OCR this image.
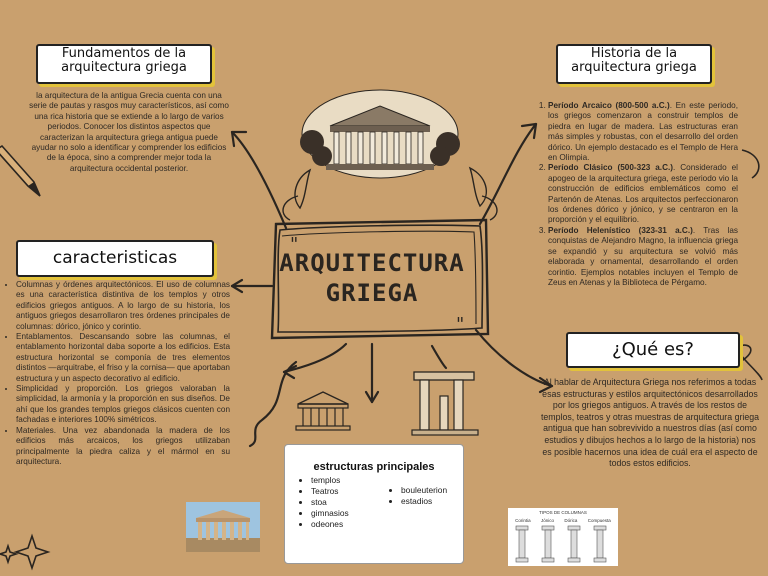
"
"
ARQUITECTURA GRIEGA
Fundamentos de la arquitectura griega
la arquitectura de la antigua Grecia cuenta con una serie de pautas y rasgos muy característicos, así como una rica historia que se extiende a lo largo de varios periodos. Conocer los distintos aspectos que caracterizan la arquitectura griega antigua puede ayudar no solo a identificar y comprender los edificios de la época, sino a comprender mejor toda la arquitectura occidental posterior.
Historia de la arquitectura griega
1. Período Arcaico (800-500 a.C.). En este periodo, los griegos comenzaron a construir templos de piedra en lugar de madera. Las estructuras eran más simples y robustas, con el desarrollo del orden dórico. Un ejemplo destacado es el Templo de Hera en Olimpia.
2. Período Clásico (500-323 a.C.). Considerado el apogeo de la arquitectura griega, este periodo vio la construcción de edificios emblemáticos como el Partenón de Atenas. Los arquitectos perfeccionaron los órdenes dórico y jónico, y se centraron en la proporción y el equilibrio.
3. Período Helenístico (323-31 a.C.). Tras las conquistas de Alejandro Magno, la influencia griega se expandió y su arquitectura se volvió más elaborada y ornamental, desarrollando el orden corintio. Ejemplos notables incluyen el Templo de Zeus en Atenas y la Biblioteca de Pérgamo.
caracteristicas
• Columnas y órdenes arquitectónicos. El uso de columnas es una característica distintiva de los templos y otros edificios griegos antiguos. A lo largo de su historia, los antiguos griegos desarrollaron tres órdenes principales de columnas: dórico, jónico y corintio.
• Entablamentos. Descansando sobre las columnas, el entablamento horizontal daba soporte a los edificios. Esta estructura horizontal se componía de tres elementos distintos —arquitrabe, el friso y la cornisa— que aportaban estructura y un aspecto decorativo al edificio.
• Simplicidad y proporción. Los griegos valoraban la simplicidad, la armonía y la proporción en sus diseños. De ahí que los grandes templos griegos clásicos cuenten con fachadas e interiores 100% simétricos.
• Materiales. Una vez abandonada la madera de los edificios más arcaicos, los griegos utilizaban principalmente la piedra caliza y el mármol en su arquitectura.
¿Qué es?
Al hablar de Arquitectura Griega nos referimos a todas esas estructuras y estilos arquitectónicos desarrollados por los griegos antiguos. A través de los restos de templos, teatros y otras muestras de arquitectura griega antigua que han sobrevivido a nuestros días (así como estudios y dibujos hechos a lo largo de la historia) nos es posible hacernos una idea de cuál era el aspecto de todos estos edificios.
estructuras principales
• templos
• Teatros
• stoa
• gimnasios
• odeones
• bouleuterion
• estadios
TIPOS DE COLUMNAS
Corintia Jónico Dórica Compuesta
